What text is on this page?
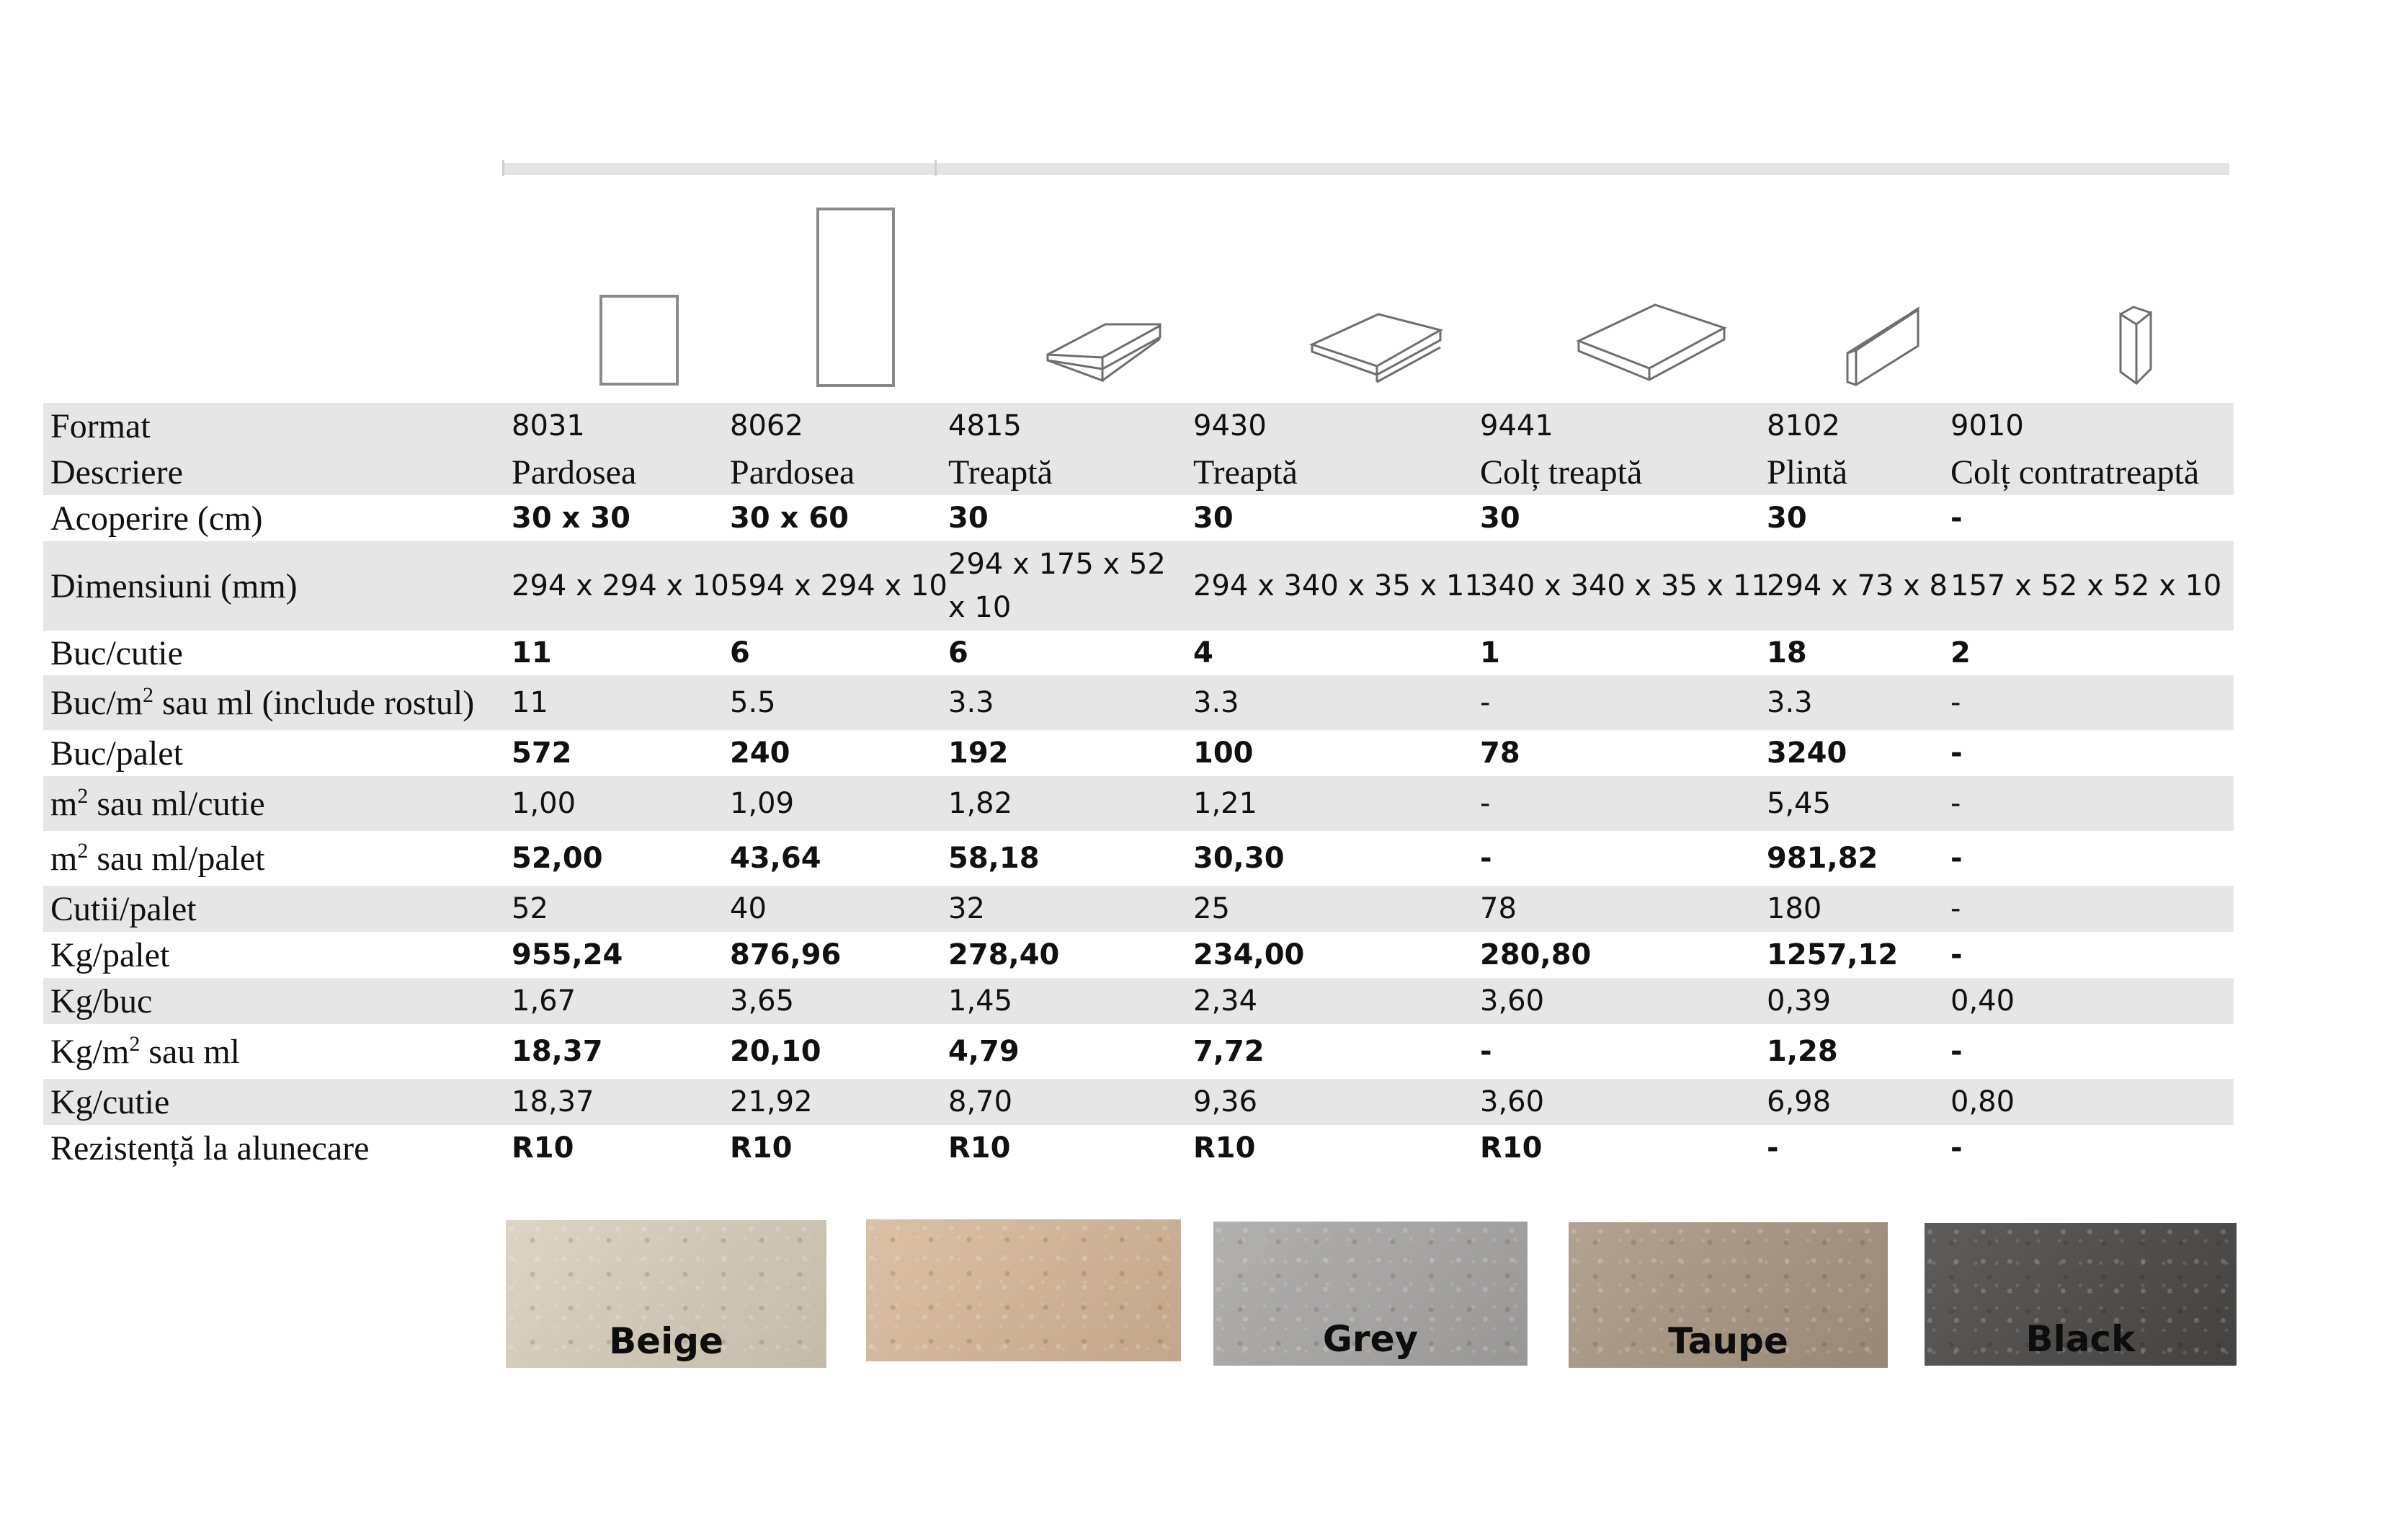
Format	8031	8062	4815	9430	9441	8102	9010
Descriere	Pardosea	Pardosea	Treaptă	Treaptă	Colț treaptă	Plintă	Colț contratreaptă
Acoperire (cm)	30 x 30	30 x 60	30	30	30	30	-
Dimensiuni (mm)	294 x 294 x 10	594 x 294 x 10	294 x 175 x 52 x 10	294 x 340 x 35 x 11	340 x 340 x 35 x 11	294 x 73 x 8	157 x 52 x 52 x 10
Buc/cutie	11	6	6	4	1	18	2
Buc/$m^2$ sau ml (include rostul)	11	5.5	3.3	3.3	-	3.3	-
Buc/palet	572	240	192	100	78	3240	-
$m^2$ sau ml/cutie	1,00	1,09	1,82	1,21	-	5,45	-
$m^2$ sau ml/palet	52,00	43,64	58,18	30,30	-	981,82	-
Cutii/palet	52	40	32	25	78	180	-
Kg/palet	955,24	876,96	278,40	234,00	280,80	1257,12	-
Kg/buc	1,67	3,65	1,45	2,34	3,60	0,39	0,40
$Kg/m^2$ sau ml	18,37	20,10	4,79	7,72	-	1,28	-
Kg/cutie	18,37	21,92	8,70	9,36	3,60	6,98	0,80
Rezistență la alunecare	R10	R10	R10	R10	R10	-	-
Beige	Grey	Taupe	Black
